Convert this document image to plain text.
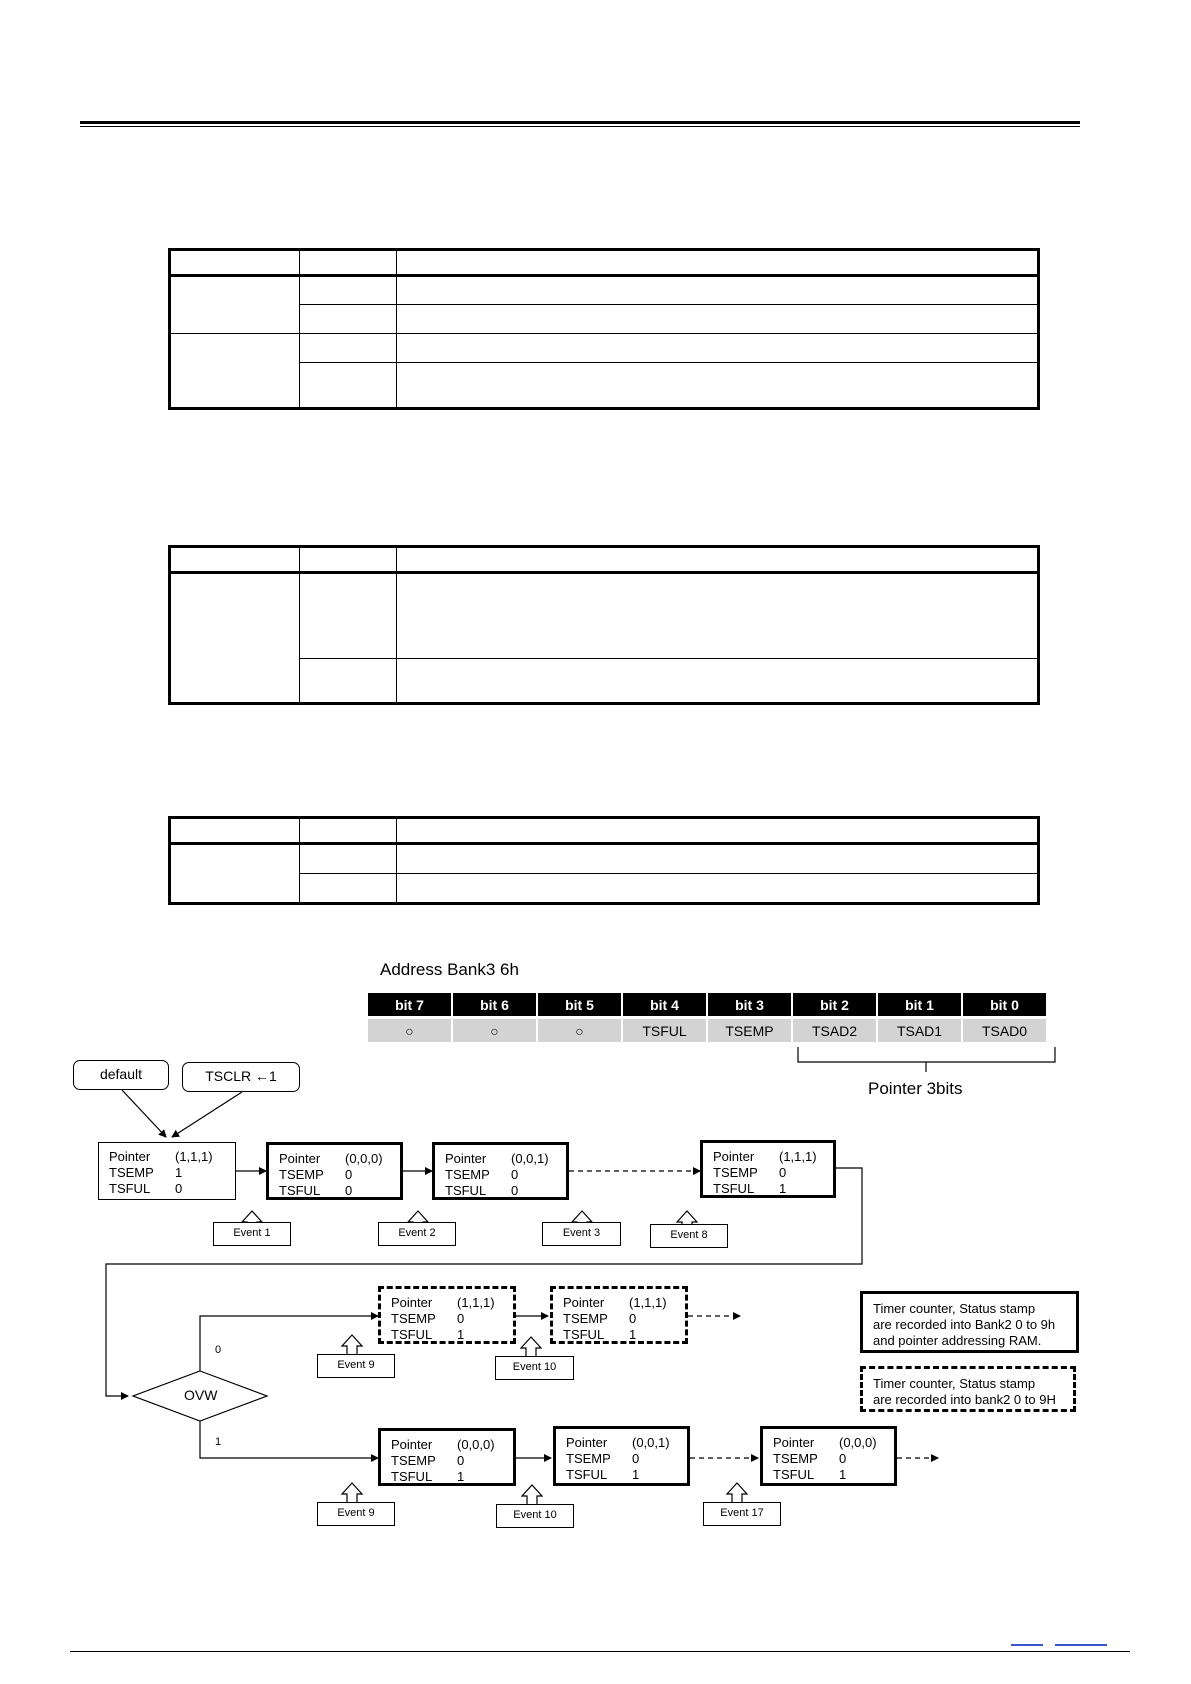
Address Bank3 6h
bit 7	bit 6	bit 5	bit 4	bit 3	bit 2	bit 1	bit 0
○	○	○	TSFUL	TSEMP	TSAD2	TSAD1	TSAD0
Pointer 3bits
default	TSCLR ←1
Pointer (1,1,1)
TSEMP 1
TSFUL 0
Pointer (0,0,0)
TSEMP 0
TSFUL 0
Pointer (0,0,1)
TSEMP 0
TSFUL 0
Pointer (1,1,1)
TSEMP 0
TSFUL 1
Pointer (1,1,1)
TSEMP 0
TSFUL 1
Pointer (1,1,1)
TSEMP 0
TSFUL 1
Pointer (0,0,0)
TSEMP 0
TSFUL 1
Pointer (0,0,1)
TSEMP 0
TSFUL 1
Pointer (0,0,0)
TSEMP 0
TSFUL 1
Event 1	Event 2	Event 3	Event 8
Event 9	Event 10
Event 9	Event 10	Event 17
OVW
0
1
Timer counter, Status stamp
are recorded into Bank2 0 to 9h
and pointer addressing RAM.
Timer counter, Status stamp
are recorded into bank2 0 to 9H
